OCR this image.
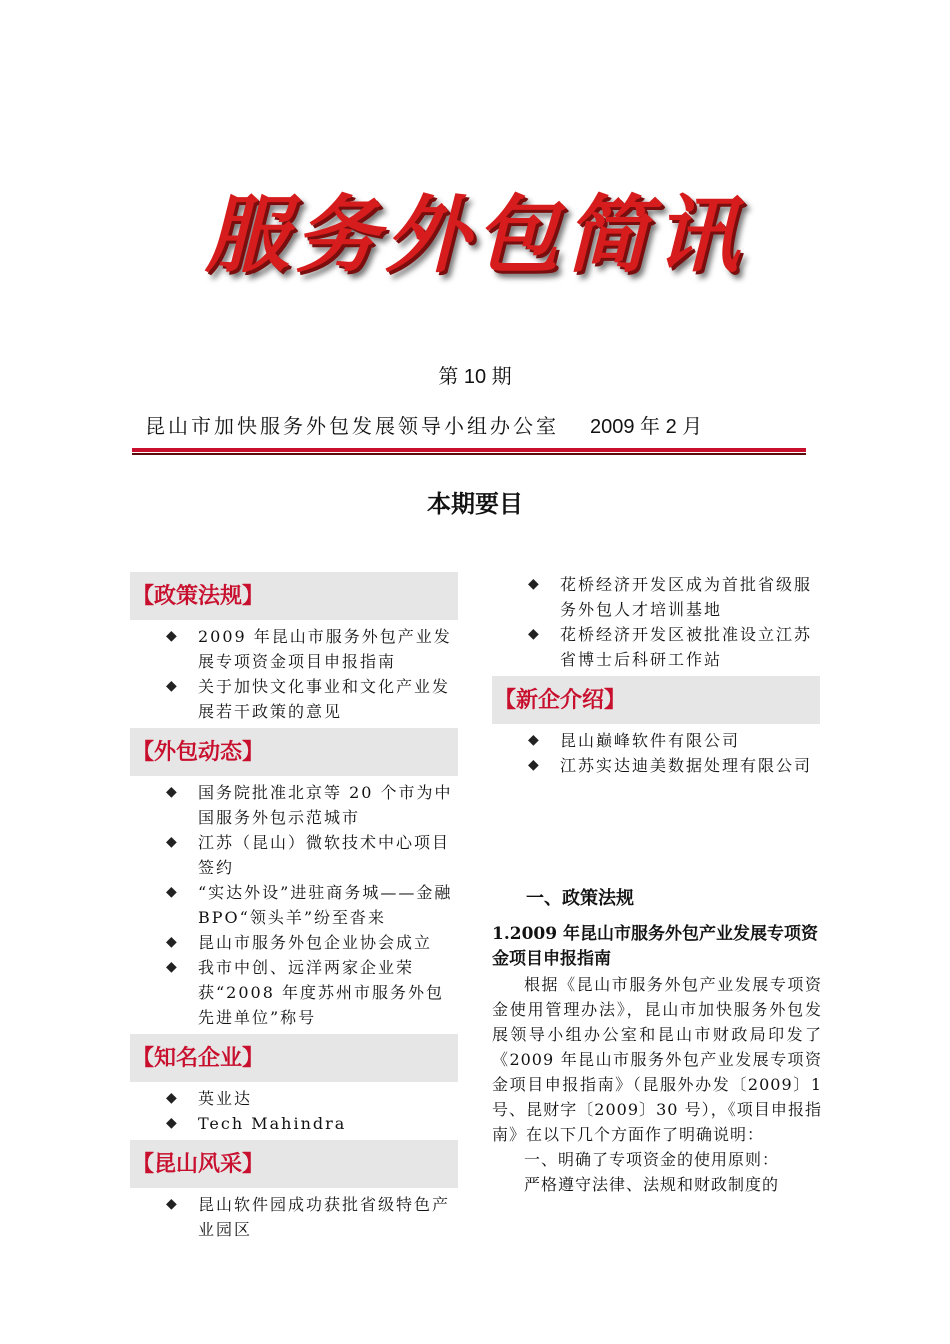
服务外包简讯
第 10 期
昆山市加快服务外包发展领导小组办公室 2009 年 2 月
本期要目
【政策法规】
◆ 2009 年昆山市服务外包产业发展专项资金项目申报指南
◆ 关于加快文化事业和文化产业发展若干政策的意见
【外包动态】
◆ 国务院批准北京等 20 个市为中国服务外包示范城市
◆ 江苏（昆山）微软技术中心项目签约
◆ “实达外设”进驻商务城——金融 BPO“领头羊”纷至沓来
◆ 昆山市服务外包企业协会成立
◆ 我市中创、远洋两家企业荣获“2008 年度苏州市服务外包先进单位”称号
【知名企业】
◆ 英业达
◆ Tech Mahindra
【昆山风采】
◆ 昆山软件园成功获批省级特色产业园区
◆ 花桥经济开发区成为首批省级服务外包人才培训基地
◆ 花桥经济开发区被批准设立江苏省博士后科研工作站
【新企介绍】
◆ 昆山巅峰软件有限公司
◆ 江苏实达迪美数据处理有限公司
一、政策法规
1.2009 年昆山市服务外包产业发展专项资金项目申报指南
根据《昆山市服务外包产业发展专项资金使用管理办法》，昆山市加快服务外包发展领导小组办公室和昆山市财政局印发了《2009 年昆山市服务外包产业发展专项资金项目申报指南》（昆服外办发〔2009〕1 号、昆财字〔2009〕30 号），《项目申报指南》在以下几个方面作了明确说明：
一、明确了专项资金的使用原则：
严格遵守法律、法规和财政制度的
